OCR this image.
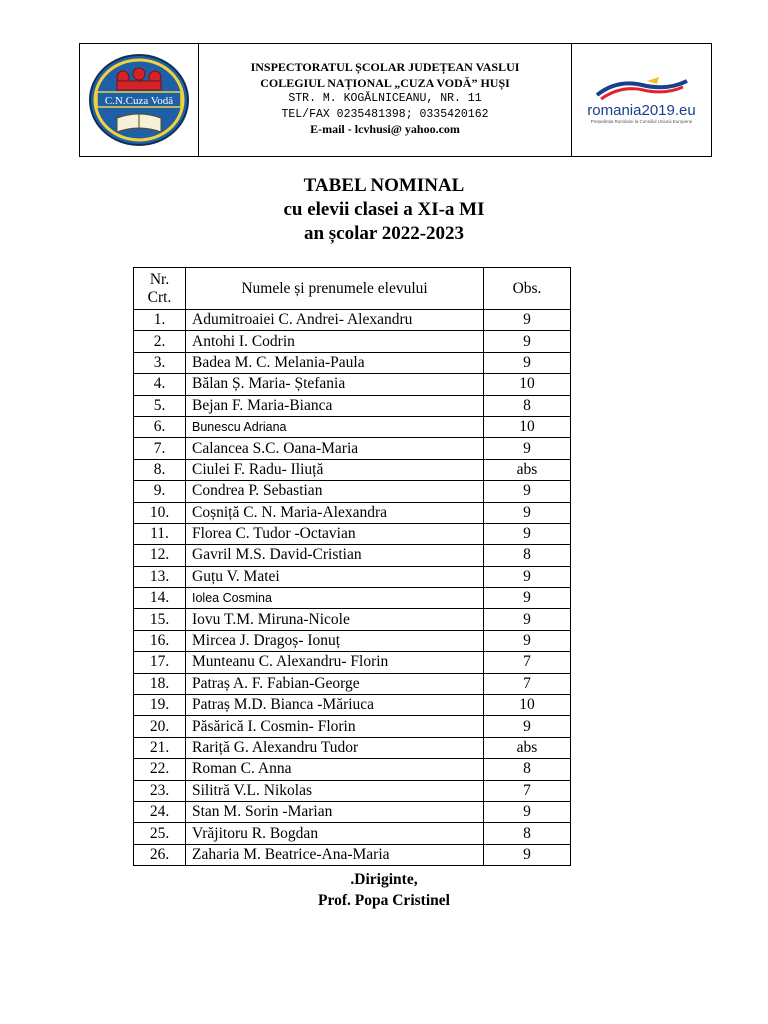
C.N.Cuza Vodă
INSPECTORATUL ȘCOLAR JUDEȚEAN VASLUI
COLEGIUL NAȚIONAL „CUZA VODĂ” HUȘI
STR. M. KOGĂLNICEANU, NR. 11
TEL/FAX 0235481398; 0335420162
E-mail - lcvhusi@ yahoo.com
romania2019.eu
Președinția României la Consiliul Uniunii Europene
TABEL NOMINAL
cu elevii clasei a XI-a MI
an școlar 2022-2023
Nr.
Crt.	Numele și prenumele elevului	Obs.
1.	Adumitroaiei C. Andrei- Alexandru	9
2.	Antohi I. Codrin	9
3.	Badea M. C. Melania-Paula	9
4.	Bălan Ș. Maria- Ștefania	10
5.	Bejan F. Maria-Bianca	8
6.	Bunescu Adriana	10
7.	Calancea S.C. Oana-Maria	9
8.	Ciulei F. Radu- Iliuță	abs
9.	Condrea P. Sebastian	9
10.	Coșniță C. N. Maria-Alexandra	9
11.	Florea C. Tudor -Octavian	9
12.	Gavril M.S. David-Cristian	8
13.	Guțu V. Matei	9
14.	Iolea Cosmina	9
15.	Iovu T.M. Miruna-Nicole	9
16.	Mircea J. Dragoș- Ionuț	9
17.	Munteanu C. Alexandru- Florin	7
18.	Patraș A. F. Fabian-George	7
19.	Patraș M.D. Bianca -Măriuca	10
20.	Păsărică I. Cosmin- Florin	9
21.	Rariță G. Alexandru Tudor	abs
22.	Roman C. Anna	8
23.	Silitră V.L. Nikolas	7
24.	Stan M. Sorin -Marian	9
25.	Vrăjitoru R. Bogdan	8
26.	Zaharia M. Beatrice-Ana-Maria	9
.Diriginte,
Prof. Popa Cristinel
